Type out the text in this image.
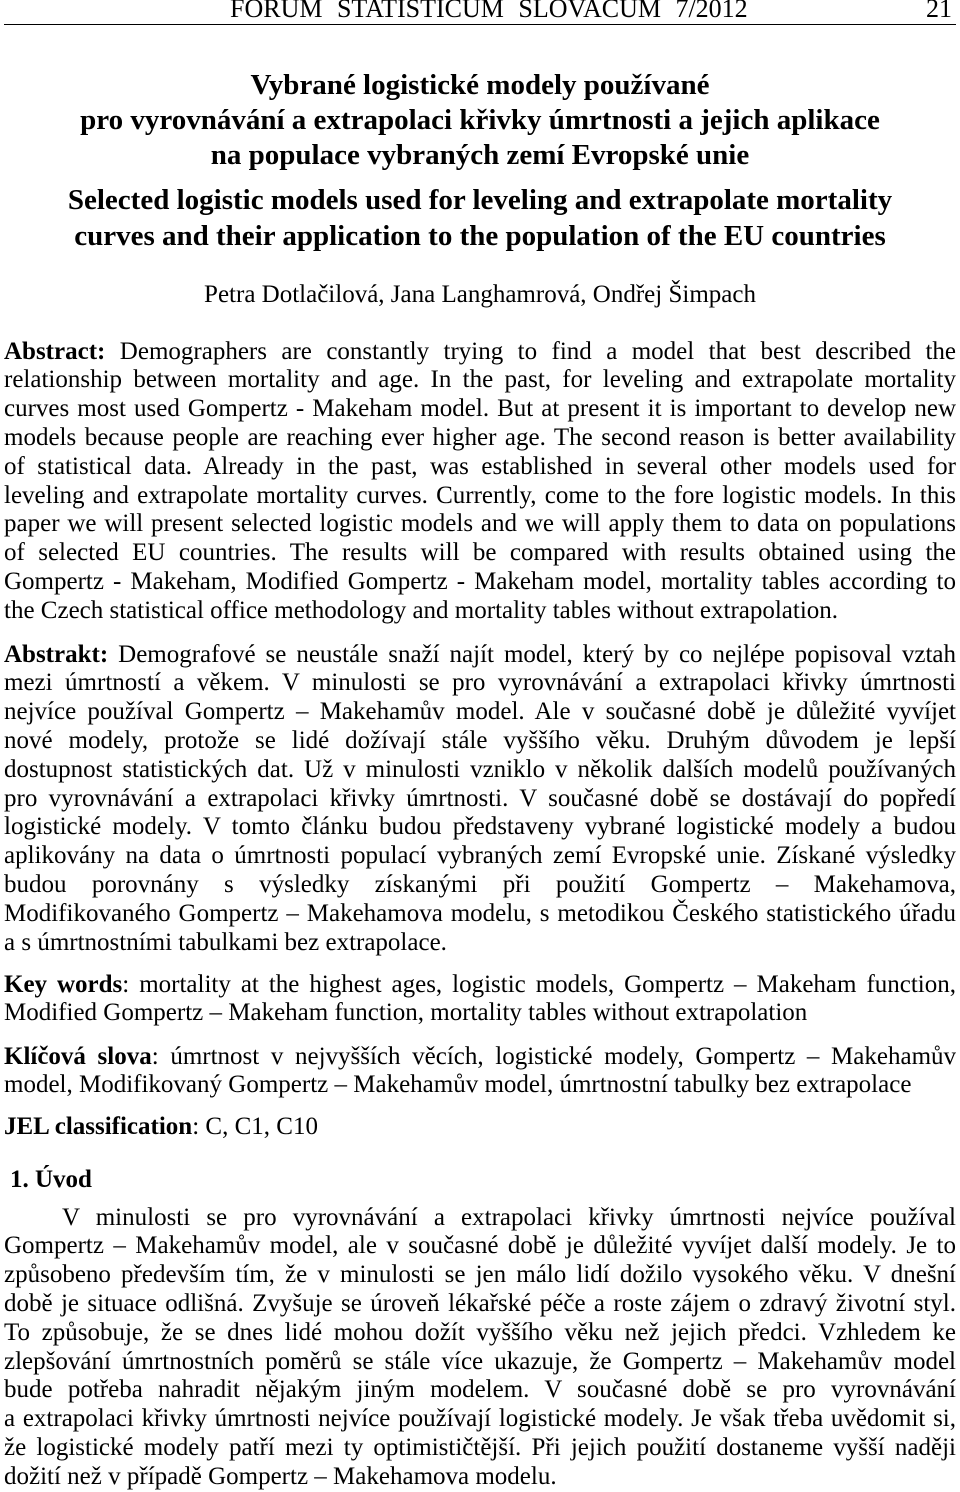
FORUM STATISTICUM SLOVACUM 7/2012	21
Vybrané logistické modely používané
pro vyrovnávání a extrapolaci křivky úmrtnosti a jejich aplikace
na populace vybraných zemí Evropské unie
Selected logistic models used for leveling and extrapolate mortality
curves and their application to the population of the EU countries
Petra Dotlačilová, Jana Langhamrová, Ondřej Šimpach
Abstract: Demographers are constantly trying to find a model that best described the
relationship between mortality and age. In the past, for leveling and extrapolate mortality
curves most used Gompertz - Makeham model. But at present it is important to develop new
models because people are reaching ever higher age. The second reason is better availability
of statistical data. Already in the past, was established in several other models used for
leveling and extrapolate mortality curves. Currently, come to the fore logistic models. In this
paper we will present selected logistic models and we will apply them to data on populations
of selected EU countries. The results will be compared with results obtained using the
Gompertz - Makeham, Modified Gompertz - Makeham model, mortality tables according to
the Czech statistical office methodology and mortality tables without extrapolation.
Abstrakt: Demografové se neustále snaží najít model, který by co nejlépe popisoval vztah
mezi úmrtností a věkem. V minulosti se pro vyrovnávání a extrapolaci křivky úmrtnosti
nejvíce používal Gompertz – Makehamův model. Ale v současné době je důležité vyvíjet
nové modely, protože se lidé dožívají stále vyššího věku. Druhým důvodem je lepší
dostupnost statistických dat. Už v minulosti vzniklo v několik dalších modelů používaných
pro vyrovnávání a extrapolaci křivky úmrtnosti. V současné době se dostávají do popředí
logistické modely. V tomto článku budou představeny vybrané logistické modely a budou
aplikovány na data o úmrtnosti populací vybraných zemí Evropské unie. Získané výsledky
budou porovnány s výsledky získanými při použití Gompertz – Makehamova,
Modifikovaného Gompertz – Makehamova modelu, s metodikou Českého statistického úřadu
a s úmrtnostními tabulkami bez extrapolace.
Key words: mortality at the highest ages, logistic models, Gompertz – Makeham function,
Modified Gompertz – Makeham function, mortality tables without extrapolation
Klíčová slova: úmrtnost v nejvyšších věcích, logistické modely, Gompertz – Makehamův
model, Modifikovaný Gompertz – Makehamův model, úmrtnostní tabulky bez extrapolace
JEL classification: C, C1, C10
1. Úvod
V minulosti se pro vyrovnávání a extrapolaci křivky úmrtnosti nejvíce používal
Gompertz – Makehamův model, ale v současné době je důležité vyvíjet další modely. Je to
způsobeno především tím, že v minulosti se jen málo lidí dožilo vysokého věku. V dnešní
době je situace odlišná. Zvyšuje se úroveň lékařské péče a roste zájem o zdravý životní styl.
To způsobuje, že se dnes lidé mohou dožít vyššího věku než jejich předci. Vzhledem ke
zlepšování úmrtnostních poměrů se stále více ukazuje, že Gompertz – Makehamův model
bude potřeba nahradit nějakým jiným modelem. V současné době se pro vyrovnávání
a extrapolaci křivky úmrtnosti nejvíce používají logistické modely. Je však třeba uvědomit si,
že logistické modely patří mezi ty optimističtější. Při jejich použití dostaneme vyšší naději
dožití než v případě Gompertz – Makehamova modelu.
